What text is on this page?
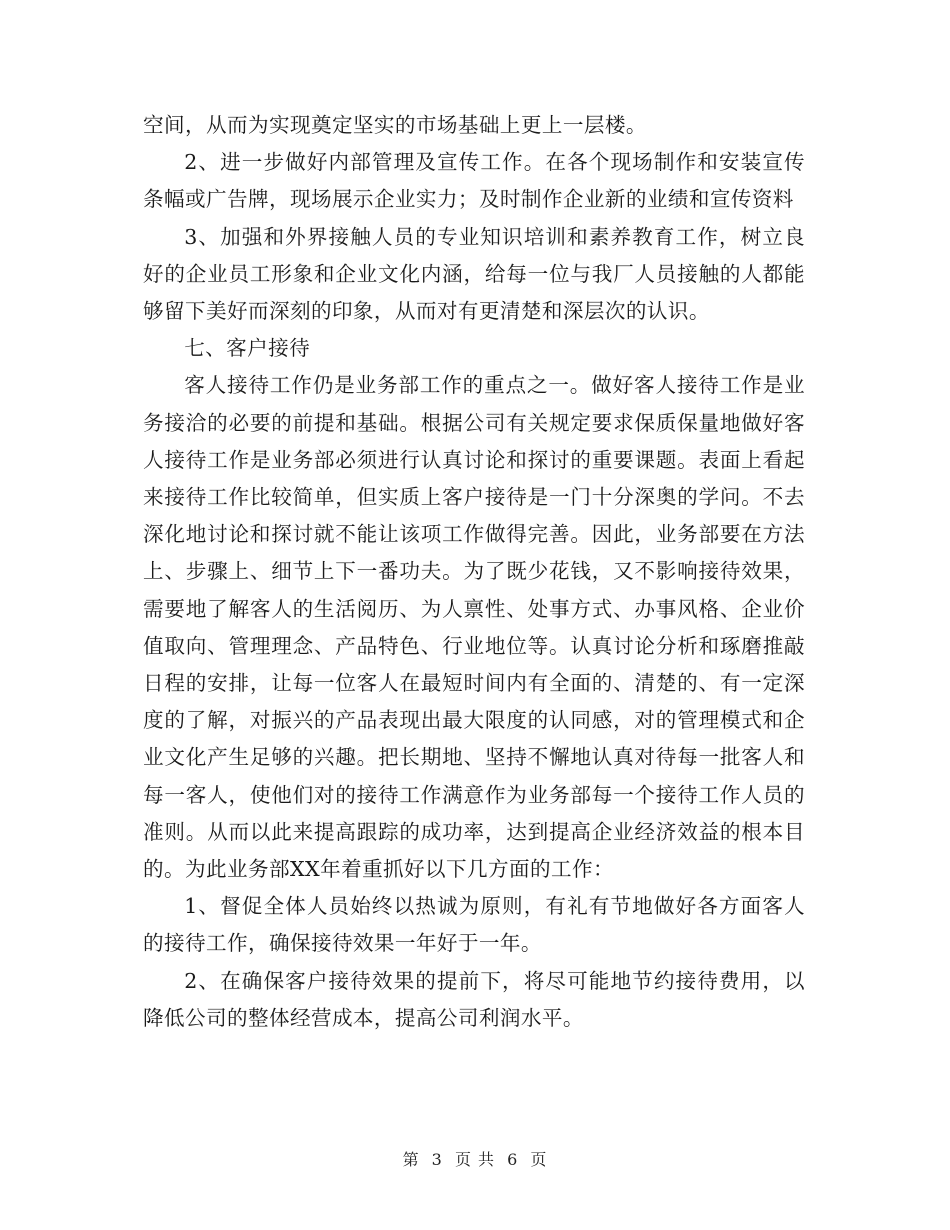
空间，从而为实现奠定坚实的市场基础上更上一层楼。

2、进一步做好内部管理及宣传工作。在各个现场制作和安装宣传条幅或广告牌，现场展示企业实力；及时制作企业新的业绩和宣传资料

3、加强和外界接触人员的专业知识培训和素养教育工作，树立良好的企业员工形象和企业文化内涵，给每一位与我厂人员接触的人都能够留下美好而深刻的印象，从而对有更清楚和深层次的认识。

七、客户接待

客人接待工作仍是业务部工作的重点之一。做好客人接待工作是业务接洽的必要的前提和基础。根据公司有关规定要求保质保量地做好客人接待工作是业务部必须进行认真讨论和探讨的重要课题。表面上看起来接待工作比较简单，但实质上客户接待是一门十分深奥的学问。不去深化地讨论和探讨就不能让该项工作做得完善。因此，业务部要在方法上、步骤上、细节上下一番功夫。为了既少花钱，又不影响接待效果，需要地了解客人的生活阅历、为人禀性、处事方式、办事风格、企业价值取向、管理理念、产品特色、行业地位等。认真讨论分析和琢磨推敲日程的安排，让每一位客人在最短时间内有全面的、清楚的、有一定深度的了解，对振兴的产品表现出最大限度的认同感，对的管理模式和企业文化产生足够的兴趣。把长期地、坚持不懈地认真对待每一批客人和每一客人，使他们对的接待工作满意作为业务部每一个接待工作人员的准则。从而以此来提高跟踪的成功率，达到提高企业经济效益的根本目的。为此业务部XX年着重抓好以下几方面的工作：

1、督促全体人员始终以热诚为原则，有礼有节地做好各方面客人的接待工作，确保接待效果一年好于一年。

2、在确保客户接待效果的提前下，将尽可能地节约接待费用，以降低公司的整体经营成本，提高公司利润水平。

第 3 页 共 6 页
